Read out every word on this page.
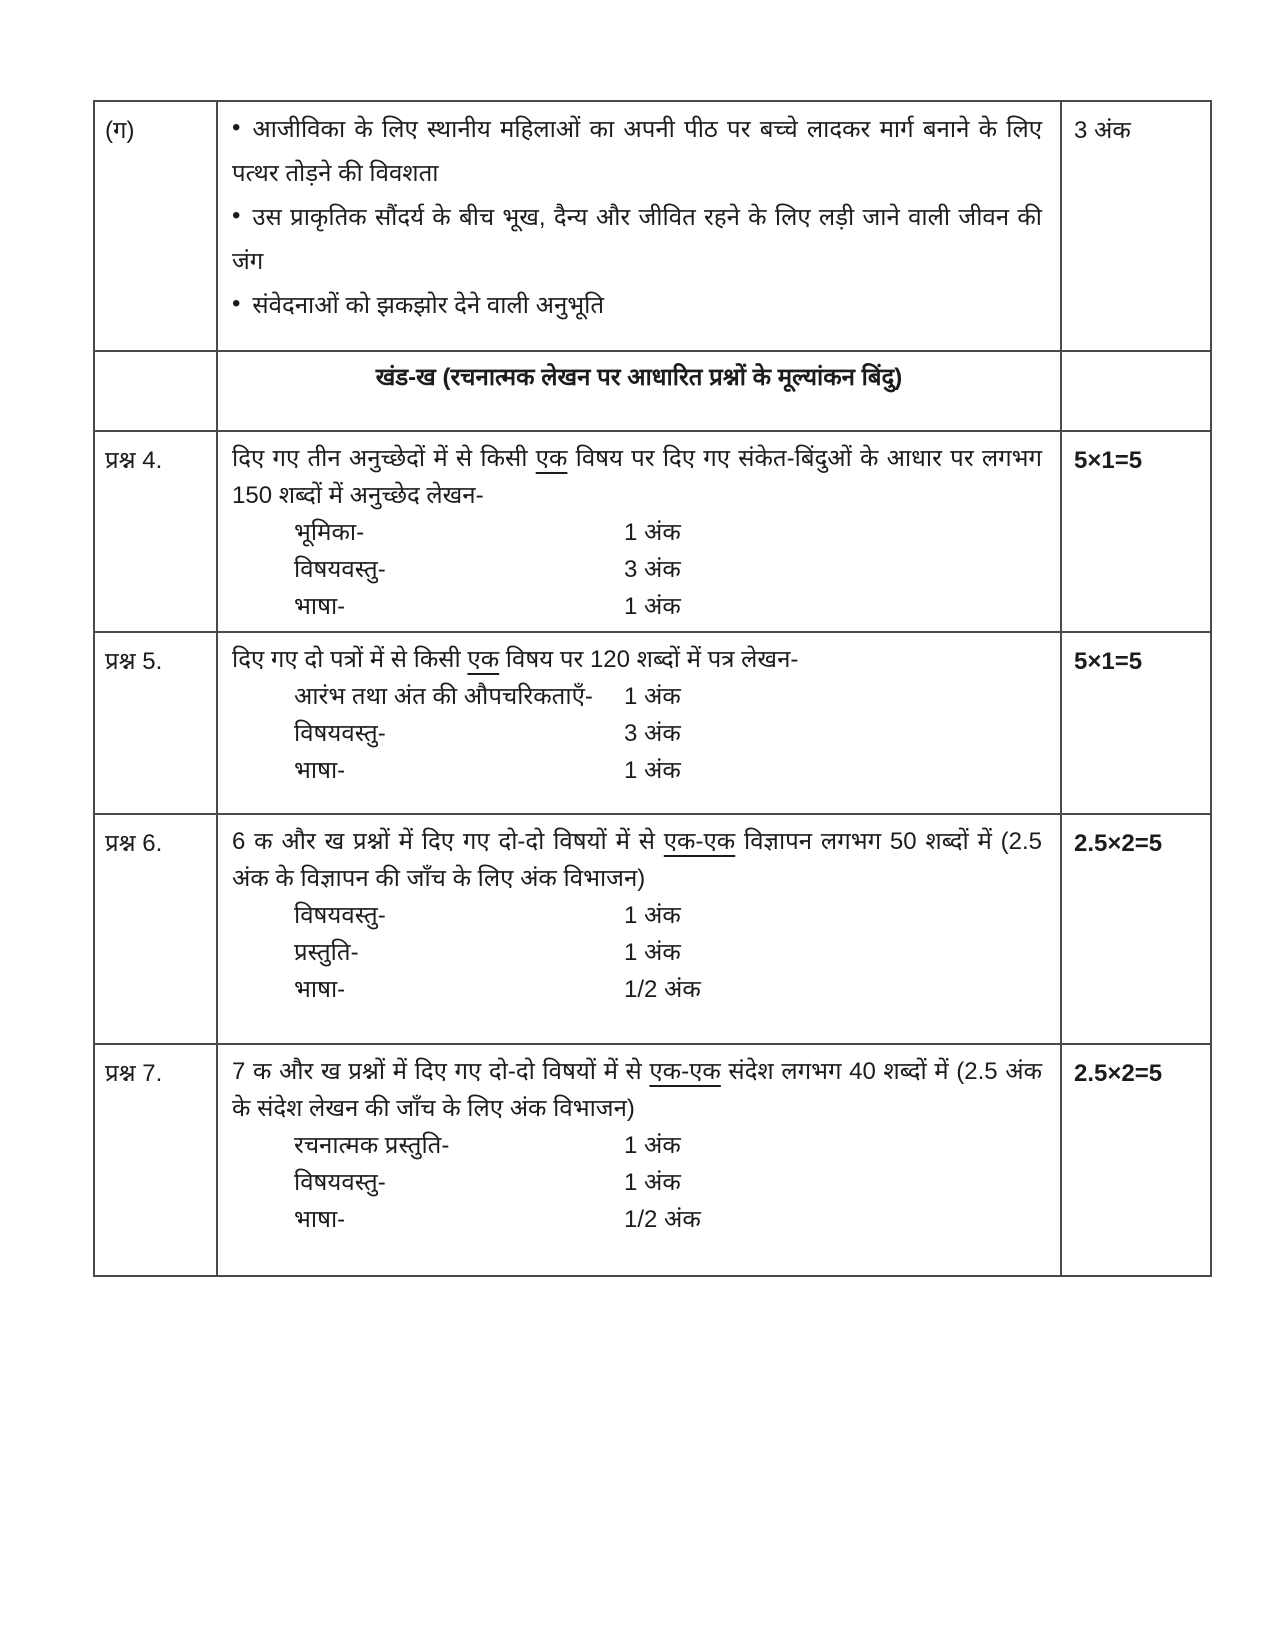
(ग)	• आजीविका के लिए स्थानीय महिलाओं का अपनी पीठ पर बच्चे लादकर मार्ग बनाने के लिए पत्थर तोड़ने की विवशता

• उस प्राकृतिक सौंदर्य के बीच भूख, दैन्य और जीवित रहने के लिए लड़ी जाने वाली जीवन की जंग

• संवेदनाओं को झकझोर देने वाली अनुभूति	3 अंक
	खंड-ख (रचनात्मक लेखन पर आधारित प्रश्नों के मूल्यांकन बिंदु)	
प्रश्न 4.	दिए गए तीन अनुच्छेदों में से किसी एक विषय पर दिए गए संकेत-बिंदुओं के आधार पर लगभग 150 शब्दों में अनुच्छेद लेखन-

भूमिका-	1 अंक
विषयवस्तु-	3 अंक
भाषा-	1 अंक
	5×1=5
प्रश्न 5.	दिए गए दो पत्रों में से किसी एक विषय पर 120 शब्दों में पत्र लेखन-

आरंभ तथा अंत की औपचरिकताएँ-	1 अंक
विषयवस्तु-	3 अंक
भाषा-	1 अंक
	5×1=5
प्रश्न 6.	6 क और ख प्रश्नों में दिए गए दो-दो विषयों में से एक-एक विज्ञापन लगभग 50 शब्दों में (2.5 अंक के विज्ञापन की जाँच के लिए अंक विभाजन)

विषयवस्तु-	1 अंक
प्रस्तुति-	1 अंक
भाषा-	1/2 अंक
	2.5×2=5
प्रश्न 7.	7 क और ख प्रश्नों में दिए गए दो-दो विषयों में से एक-एक संदेश लगभग 40 शब्दों में (2.5 अंक के संदेश लेखन की जाँच के लिए अंक विभाजन)

रचनात्मक प्रस्तुति-	1 अंक
विषयवस्तु-	1 अंक
भाषा-	1/2 अंक
	2.5×2=5
